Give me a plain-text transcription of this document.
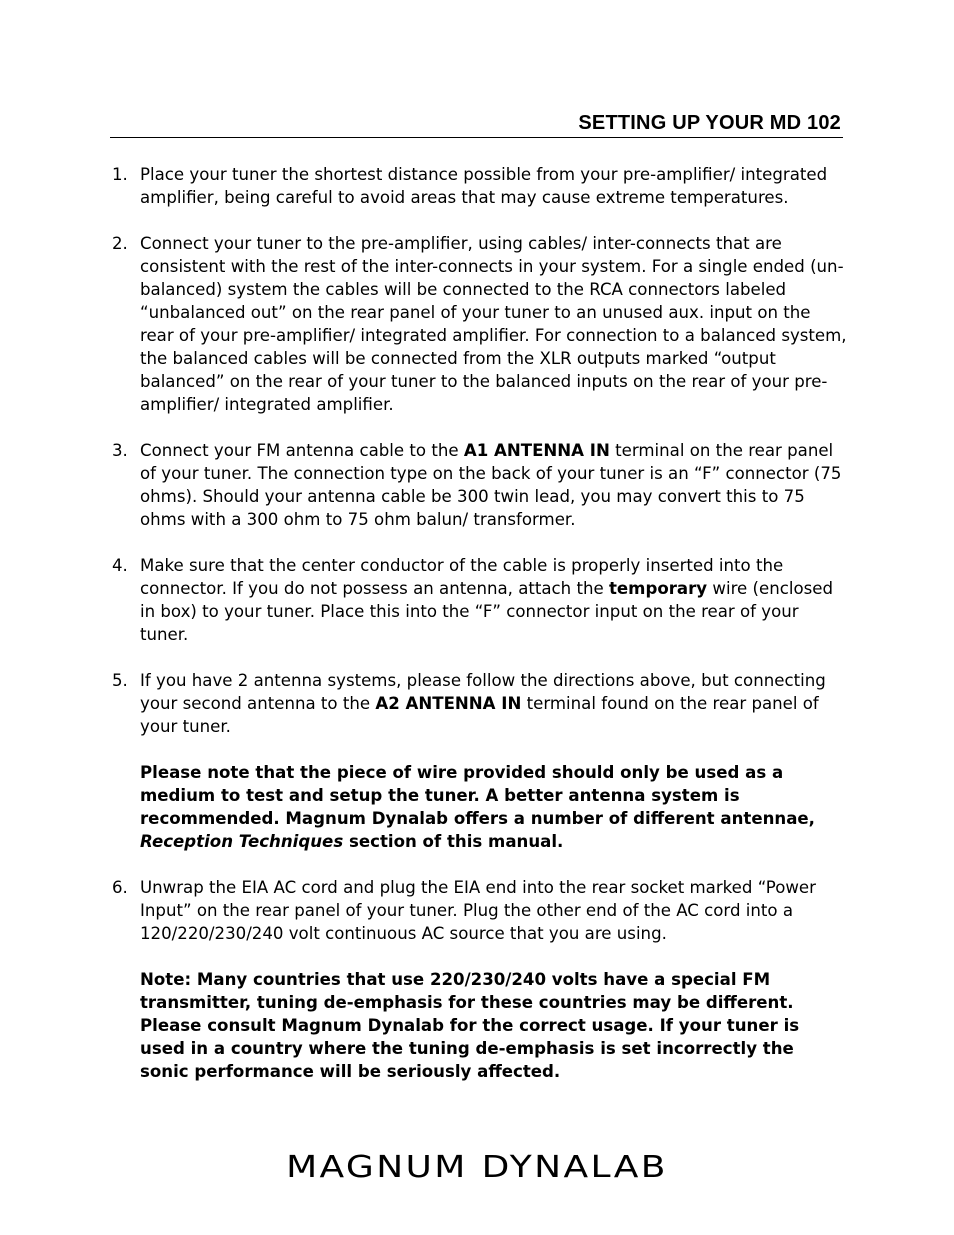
SETTING UP YOUR MD 102
1. Place your tuner the shortest distance possible from your pre-amplifier/ integrated amplifier, being careful to avoid areas that may cause extreme temperatures.

2. Connect your tuner to the pre-amplifier, using cables/ inter-connects that are consistent with the rest of the inter-connects in your system. For a single ended (un-balanced) system the cables will be connected to the RCA connectors labeled “unbalanced out” on the rear panel of your tuner to an unused aux. input on the rear of your pre-amplifier/ integrated amplifier. For connection to a balanced system, the balanced cables will be connected from the XLR outputs marked “output balanced” on the rear of your tuner to the balanced inputs on the rear of your pre-amplifier/ integrated amplifier.

3. Connect your FM antenna cable to the A1 ANTENNA IN terminal on the rear panel of your tuner. The connection type on the back of your tuner is an “F” connector (75 ohms). Should your antenna cable be 300 twin lead, you may convert this to 75 ohms with a 300 ohm to 75 ohm balun/ transformer.

4. Make sure that the center conductor of the cable is properly inserted into the connector. If you do not possess an antenna, attach the temporary wire (enclosed in box) to your tuner. Place this into the “F” connector input on the rear of your tuner.

5. If you have 2 antenna systems, please follow the directions above, but connecting your second antenna to the A2 ANTENNA IN terminal found on the rear panel of your tuner.

Please note that the piece of wire provided should only be used as a medium to test and setup the tuner. A better antenna system is recommended. Magnum Dynalab offers a number of different antennae, Reception Techniques section of this manual.

6. Unwrap the EIA AC cord and plug the EIA end into the rear socket marked “Power Input” on the rear panel of your tuner. Plug the other end of the AC cord into a 120/220/230/240 volt continuous AC source that you are using.

Note: Many countries that use 220/230/240 volts have a special FM transmitter, tuning de-emphasis for these countries may be different. Please consult Magnum Dynalab for the correct usage. If your tuner is used in a country where the tuning de-emphasis is set incorrectly the sonic performance will be seriously affected.

MAGNUM DYNALAB
